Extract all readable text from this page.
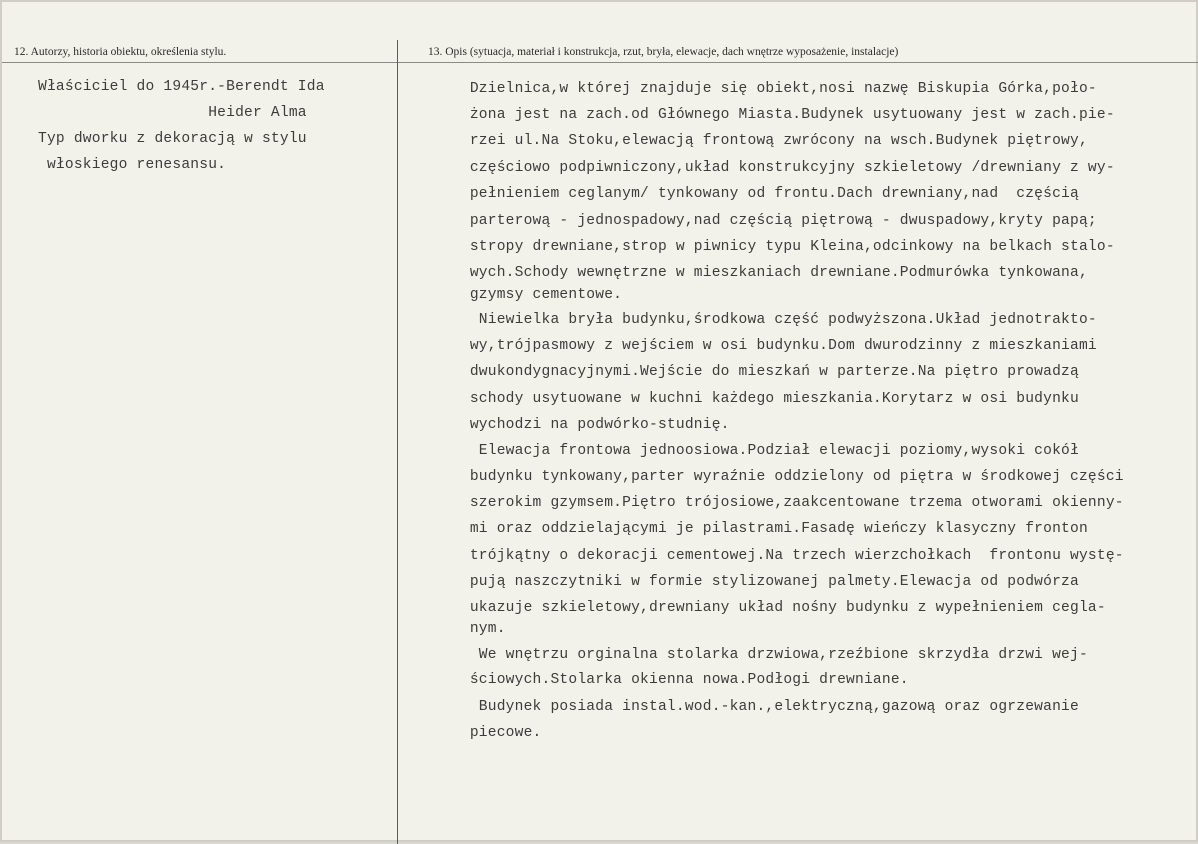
12. Autorzy, historia obiektu, określenia stylu.	13. Opis (sytuacja, materiał i konstrukcja, rzut, bryła, elewacje, dach wnętrze wyposażenie, instalacje)
Właściciel do 1945r.-Berendt Ida
Heider Alma
Typ dworku z dekoracją w stylu
włoskiego renesansu.
Dzielnica,w której znajduje się obiekt,nosi nazwę Biskupia Górka,poło-
żona jest na zach.od Głównego Miasta.Budynek usytuowany jest w zach.pie-
rzei ul.Na Stoku,elewacją frontową zwrócony na wsch.Budynek piętrowy,
częściowo podpiwniczony,układ konstrukcyjny szkieletowy /drewniany z wy-
pełnieniem ceglanym/ tynkowany od frontu.Dach drewniany,nad  częścią
parterową - jednospadowy,nad częścią piętrową - dwuspadowy,kryty papą;
stropy drewniane,strop w piwnicy typu Kleina,odcinkowy na belkach stalo-
wych.Schody wewnętrzne w mieszkaniach drewniane.Podmurówka tynkowana,
gzymsy cementowe.
Niewielka bryła budynku,środkowa część podwyższona.Układ jednotrakto-
wy,trójpasmowy z wejściem w osi budynku.Dom dwurodzinny z mieszkaniami
dwukondygnacyjnymi.Wejście do mieszkań w parterze.Na piętro prowadzą
schody usytuowane w kuchni każdego mieszkania.Korytarz w osi budynku
wychodzi na podwórko-studnię.
Elewacja frontowa jednoosiowa.Podział elewacji poziomy,wysoki cokół
budynku tynkowany,parter wyraźnie oddzielony od piętra w środkowej części
szerokim gzymsem.Piętro trójosiowe,zaakcentowane trzema otworami okienny-
mi oraz oddzielającymi je pilastrami.Fasadę wieńczy klasyczny fronton
trójkątny o dekoracji cementowej.Na trzech wierzchołkach  frontonu wystę-
pują naszczytniki w formie stylizowanej palmety.Elewacja od podwórza
ukazuje szkieletowy,drewniany układ nośny budynku z wypełnieniem cegla-
nym.
We wnętrzu orginalna stolarka drzwiowa,rzeźbione skrzydła drzwi wej-
ściowych.Stolarka okienna nowa.Podłogi drewniane.
Budynek posiada instal.wod.-kan.,elektryczną,gazową oraz ogrzewanie
piecowe.
